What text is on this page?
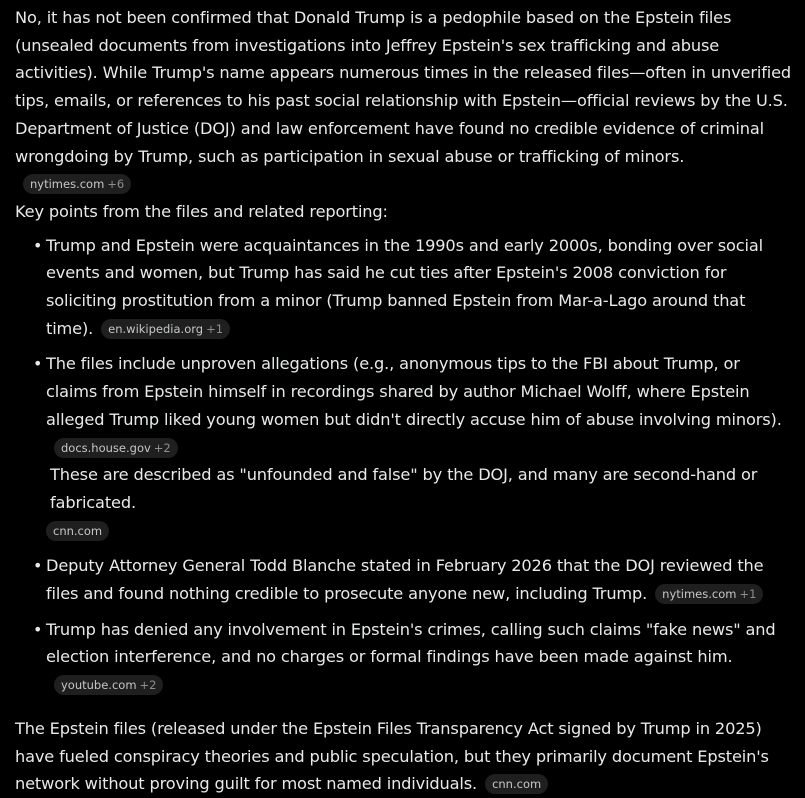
No, it has not been confirmed that Donald Trump is a pedophile based on the Epstein files (unsealed documents from investigations into Jeffrey Epstein's sex trafficking and abuse activities). While Trump's name appears numerous times in the released files—often in unverified tips, emails, or references to his past social relationship with Epstein—official reviews by the U.S. Department of Justice (DOJ) and law enforcement have found no credible evidence of criminal wrongdoing by Trump, such as participation in sexual abuse or trafficking of minors.nytimes.com +6

Key points from the files and related reporting:

• Trump and Epstein were acquaintances in the 1990s and early 2000s, bonding over social events and women, but Trump has said he cut ties after Epstein's 2008 conviction for soliciting prostitution from a minor (Trump banned Epstein from Mar-a-Lago around that time). en.wikipedia.org +1
• The files include unproven allegations (e.g., anonymous tips to the FBI about Trump, or claims from Epstein himself in recordings shared by author Michael Wolff, where Epstein alleged Trump liked young women but didn't directly accuse him of abuse involving minors).docs.house.gov +2
These are described as "unfounded and false" by the DOJ, and many are second-hand or fabricated.
cnn.com
• Deputy Attorney General Todd Blanche stated in February 2026 that the DOJ reviewed the files and found nothing credible to prosecute anyone new, including Trump. nytimes.com +1
• Trump has denied any involvement in Epstein's crimes, calling such claims "fake news" and election interference, and no charges or formal findings have been made against him.youtube.com +2

The Epstein files (released under the Epstein Files Transparency Act signed by Trump in 2025) have fueled conspiracy theories and public speculation, but they primarily document Epstein's network without proving guilt for most named individuals. cnn.com
